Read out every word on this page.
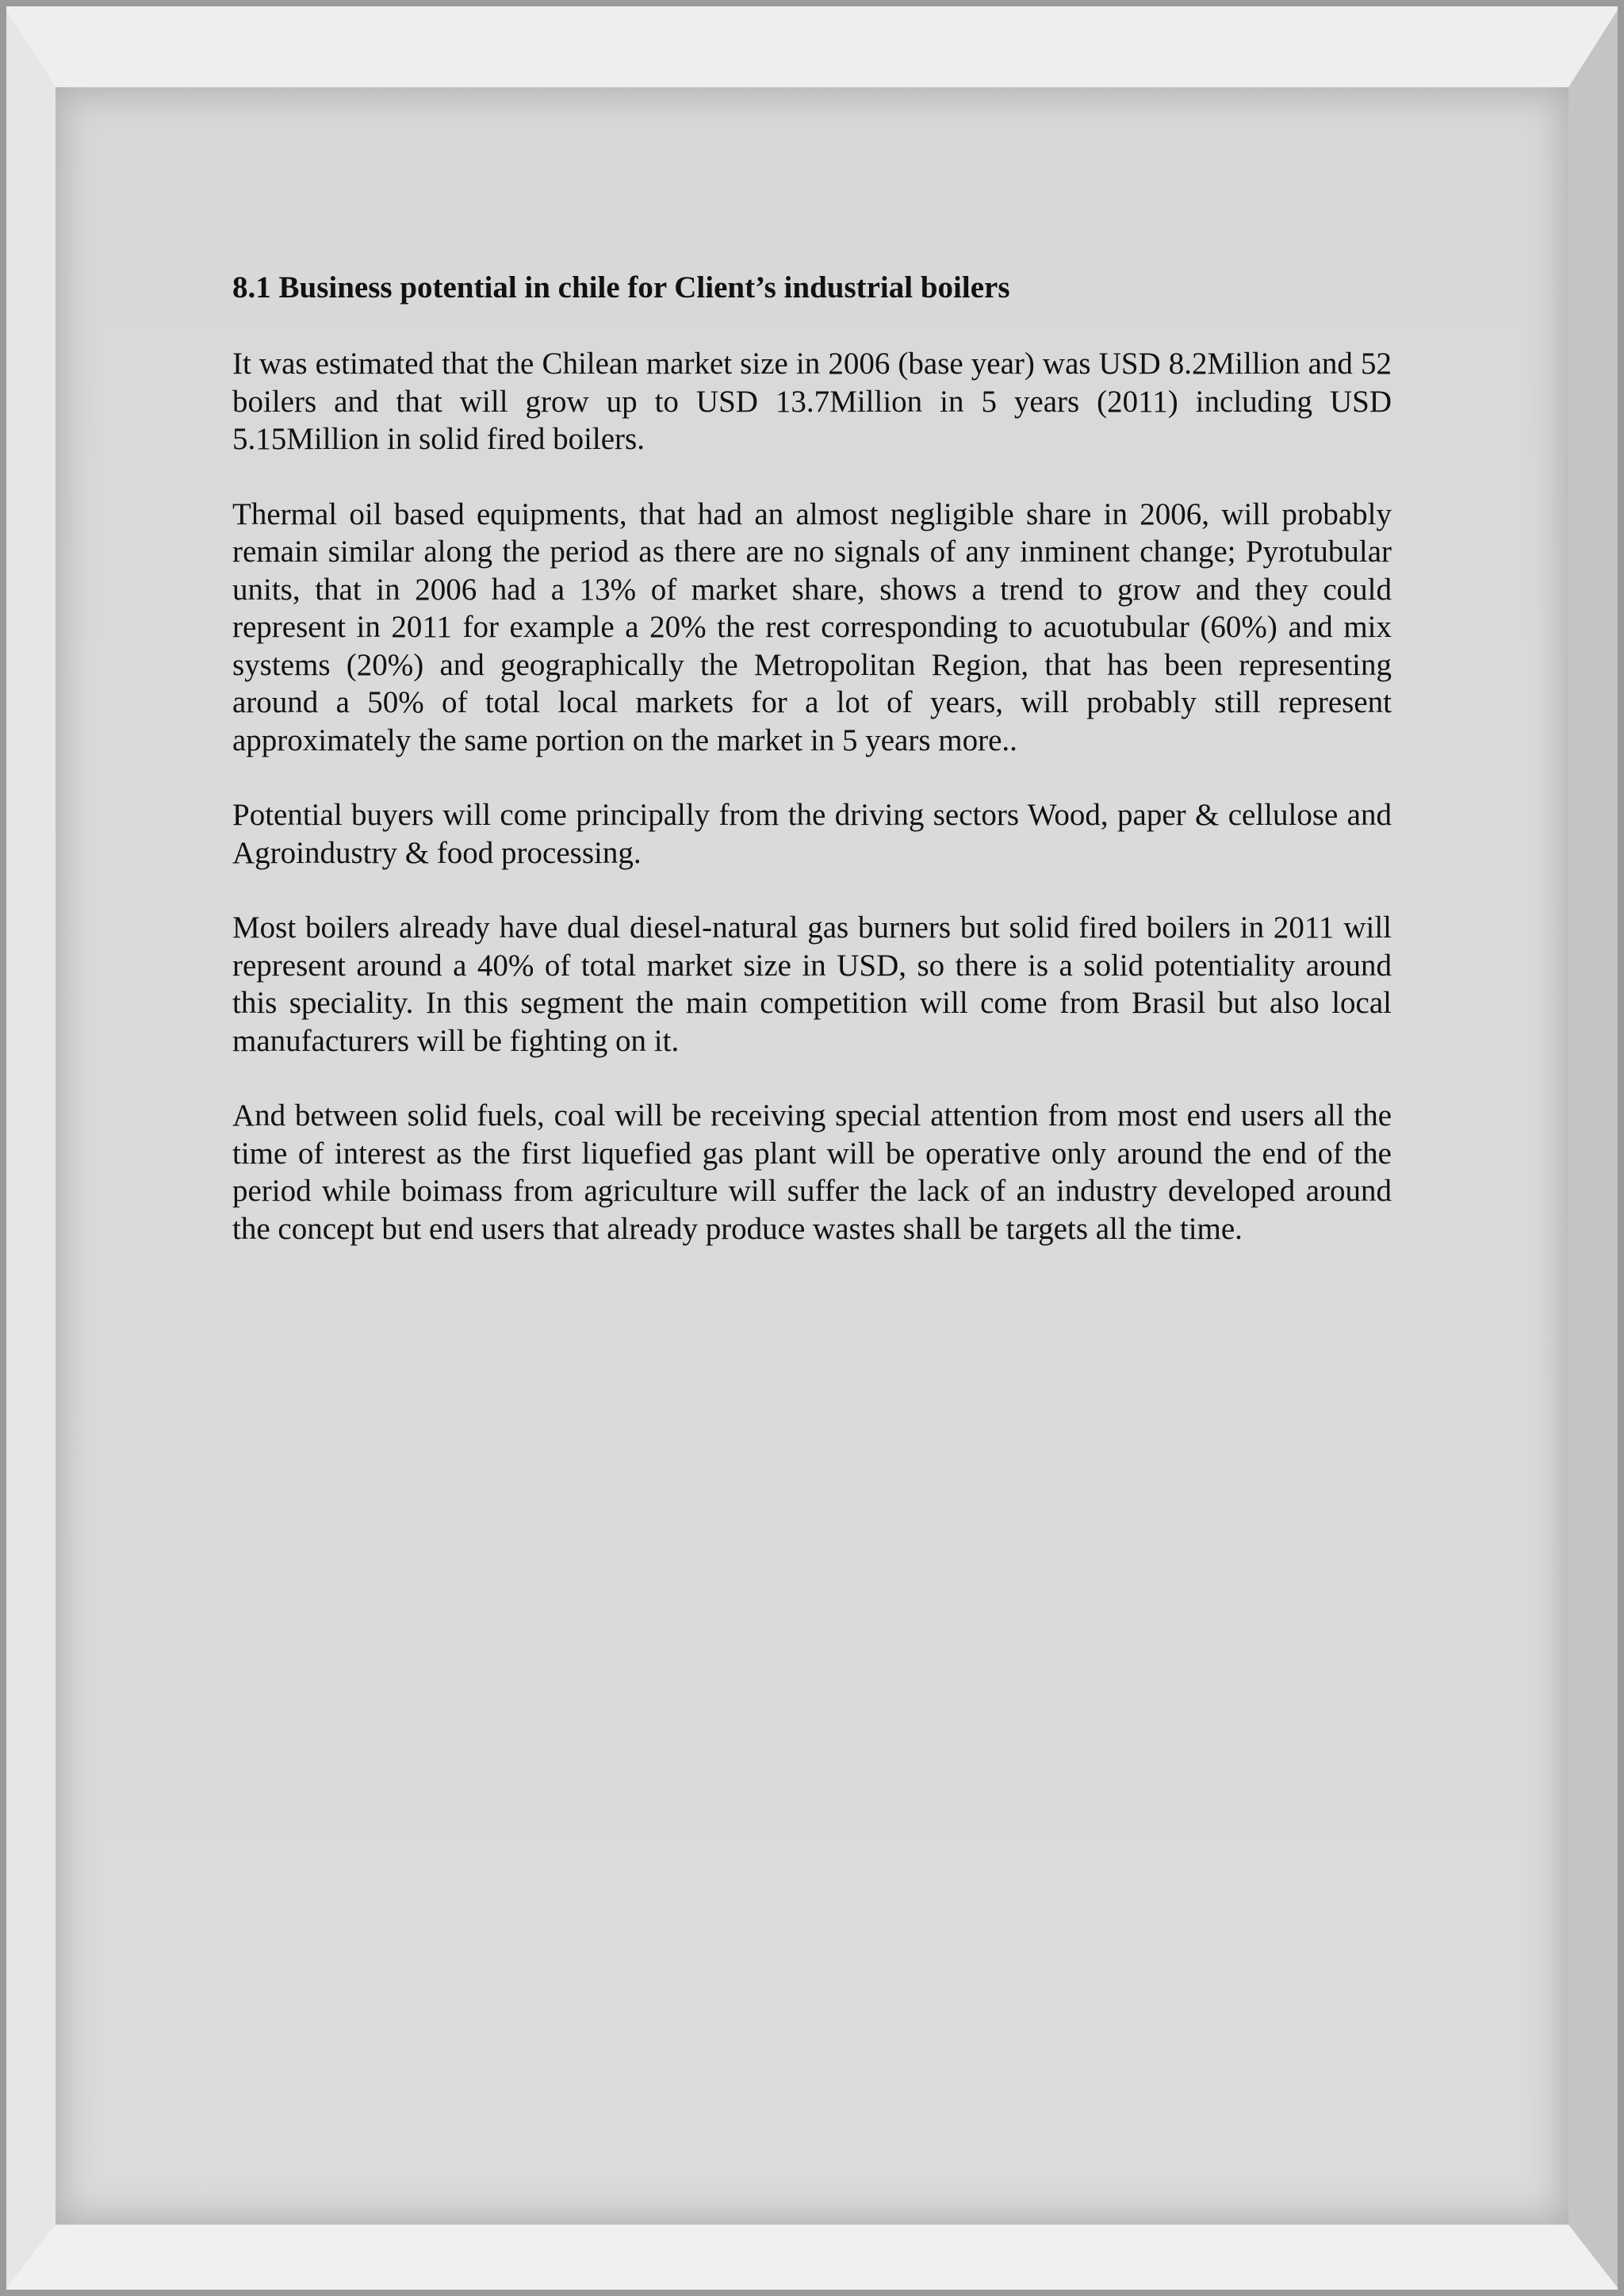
8.1 Business potential in chile for Client’s industrial boilers
It was estimated that the Chilean market size in 2006 (base year) was USD 8.2Million and 52 boilers and that will grow up to USD 13.7Million in 5 years (2011) including USD 5.15Million in solid fired boilers.
Thermal oil based equipments, that had an almost negligible share in 2006, will probably remain similar along the period as there are no signals of any inminent change; Pyrotubular units, that in 2006 had a 13% of market share, shows a trend to grow and they could represent in 2011 for example a 20% the rest corresponding to acuotubular (60%) and mix systems (20%) and geographically the Metropolitan Region, that has been representing around a 50% of total local markets for a lot of years, will probably still represent approximately the same portion on the market in 5 years more..
Potential buyers will come principally from the driving sectors Wood, paper & cellulose and Agroindustry & food processing.
Most boilers already have dual diesel-natural gas burners but solid fired boilers in 2011 will represent around a 40% of total market size in USD, so there is a solid potentiality around this speciality. In this segment the main competition will come from Brasil but also local manufacturers will be fighting on it.
And between solid fuels, coal will be receiving special attention from most end users all the time of interest as the first liquefied gas plant will be operative only around the end of the period while boimass from agriculture will suffer the lack of an industry developed around the concept but end users that already produce wastes shall be targets all the time.
